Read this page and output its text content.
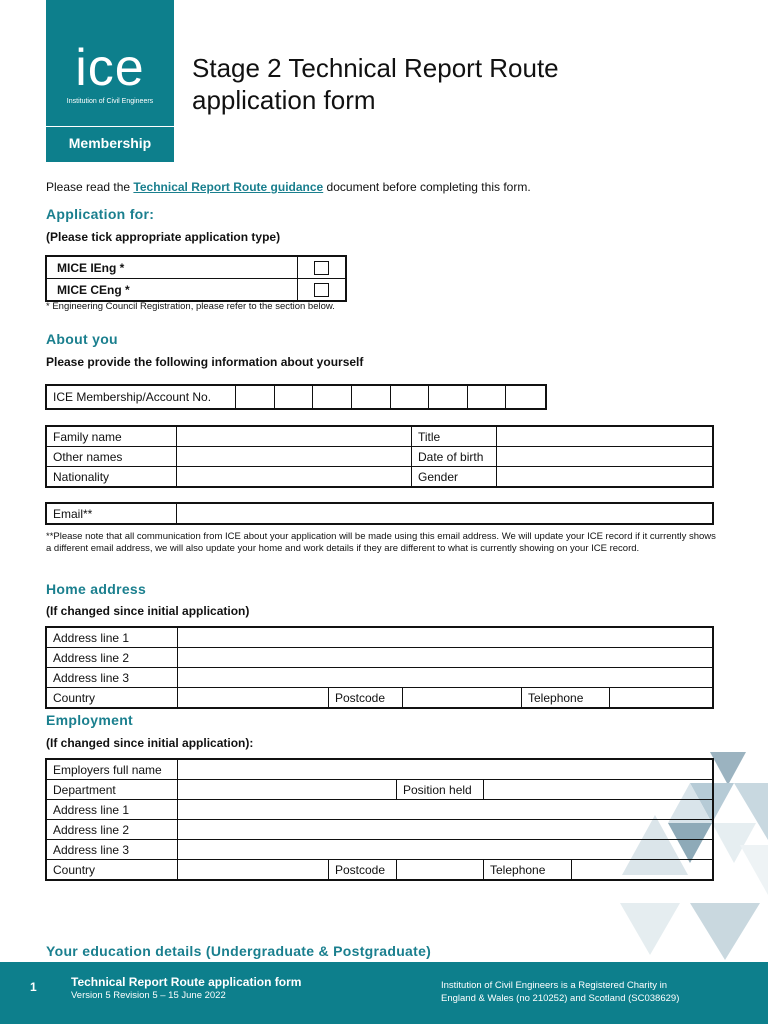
ice
Institution of Civil Engineers
Membership
Stage 2 Technical Report Route
application form
Please read the Technical Report Route guidance document before completing this form.
Application for:
(Please tick appropriate application type)
MICE IEng *	
MICE CEng *	
* Engineering Council Registration, please refer to the section below.
About you
Please provide the following information about yourself
ICE Membership/Account No.								
Family name		Title	
Other names		Date of birth	
Nationality		Gender	
Email**	
**Please note that all communication from ICE about your application will be made using this email address. We will update your ICE record if it currently shows a different email address, we will also update your home and work details if they are different to what is currently showing on your ICE record.
Home address
(If changed since initial application)
Address line 1					
Address line 2					
Address line 3					
Country		Postcode		Telephone	
Employment
(If changed since initial application):
Employers full name					
Department			Position held		
Address line 1					
Address line 2					
Address line 3					
Country		Postcode		Telephone	
Your education details (Undergraduate & Postgraduate)
1	Technical Report Route application form
Version 5 Revision 5 – 15 June 2022
Institution of Civil Engineers is a Registered Charity in
England & Wales (no 210252) and Scotland (SC038629)
